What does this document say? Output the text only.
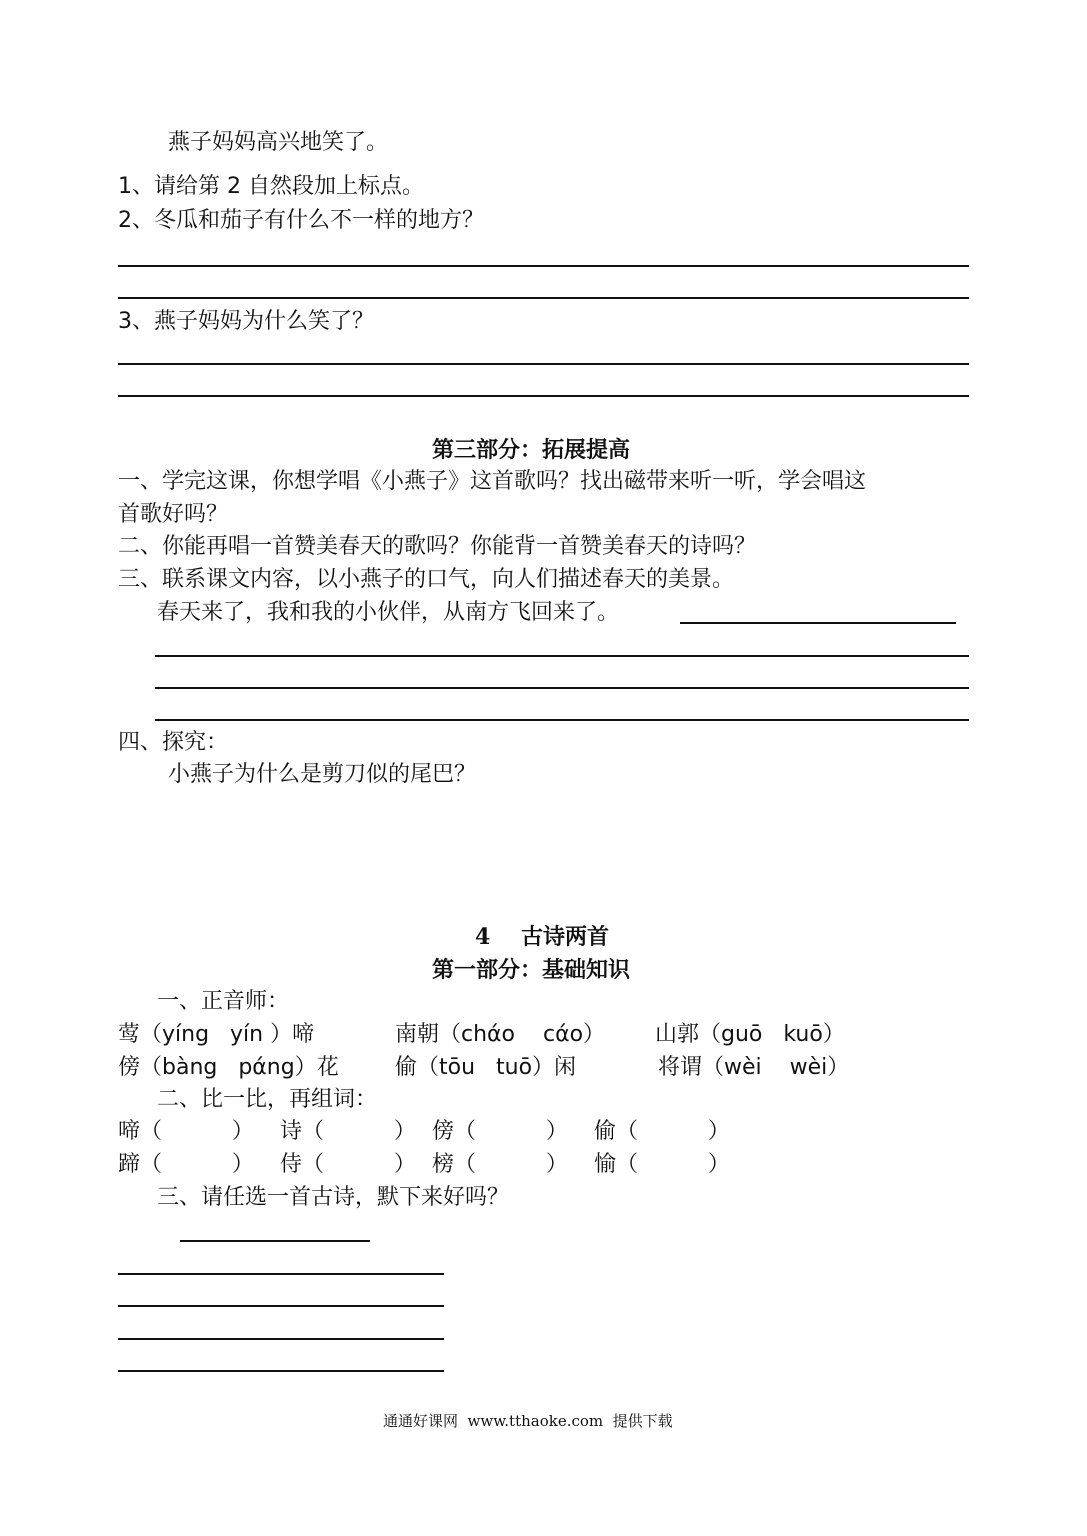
燕子妈妈高兴地笑了。
1、请给第 2 自然段加上标点。
2、冬瓜和茄子有什么不一样的地方？
3、燕子妈妈为什么笑了？
第三部分：拓展提高
一、学完这课，你想学唱《小燕子》这首歌吗？找出磁带来听一听，学会唱这
首歌好吗？
二、你能再唱一首赞美春天的歌吗？你能背一首赞美春天的诗吗？
三、联系课文内容，以小燕子的口气，向人们描述春天的美景。
春天来了，我和我的小伙伴，从南方飞回来了。
四、探究：
小燕子为什么是剪刀似的尾巴？
4    古诗两首
第一部分：基础知识
一、正音师：
莺（yíng   yín ）啼	南朝（chάo    cάo） 山郭（guō   kuō）
傍（bàng   pάng）花	偷（tōu   tuō）闲	将谓（wèi    wèi）
二、比一比，再组词：
啼（          ） 诗（          ） 傍（          ） 偷（          ）
蹄（          ） 侍（          ） 榜（          ） 愉（          ）
三、请任选一首古诗，默下来好吗？
通通好课网  www.tthaoke.com  提供下载
